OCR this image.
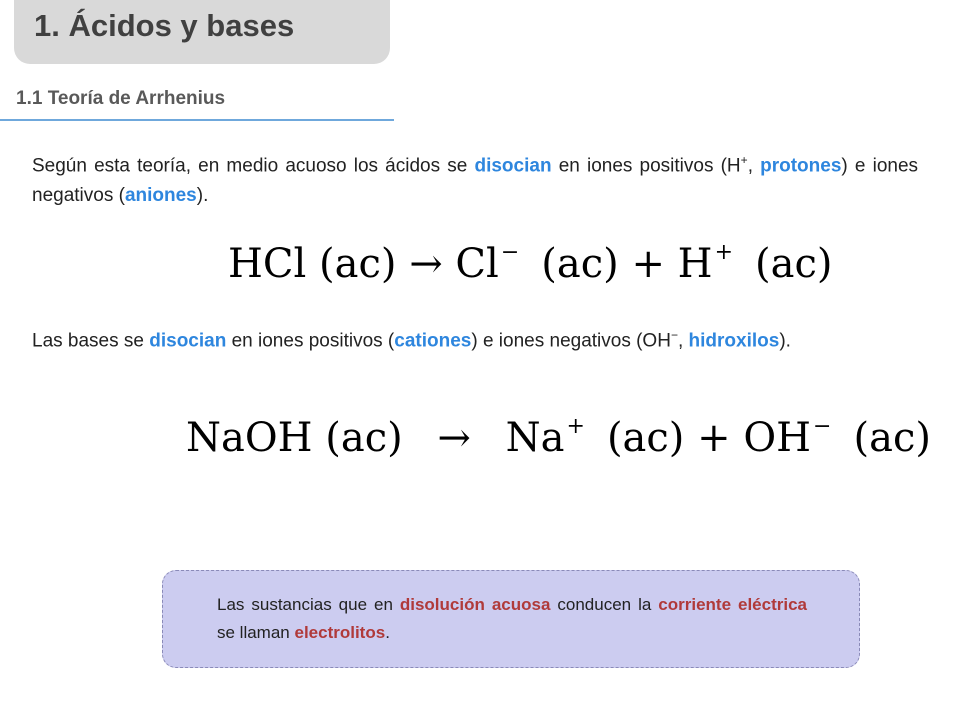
1. Ácidos y bases
1.1 Teoría de Arrhenius
Según esta teoría, en medio acuoso los ácidos se disocian en iones positivos (H+, protones) e iones negativos (aniones).
HCl (ac) → Cl− (ac) + H+ (ac)
Las bases se disocian en iones positivos (cationes) e iones negativos (OH−, hidroxilos).
NaOH (ac) → Na+ (ac) + OH− (ac)
Las sustancias que en disolución acuosa conducen la corriente eléctrica se llaman electrolitos.
